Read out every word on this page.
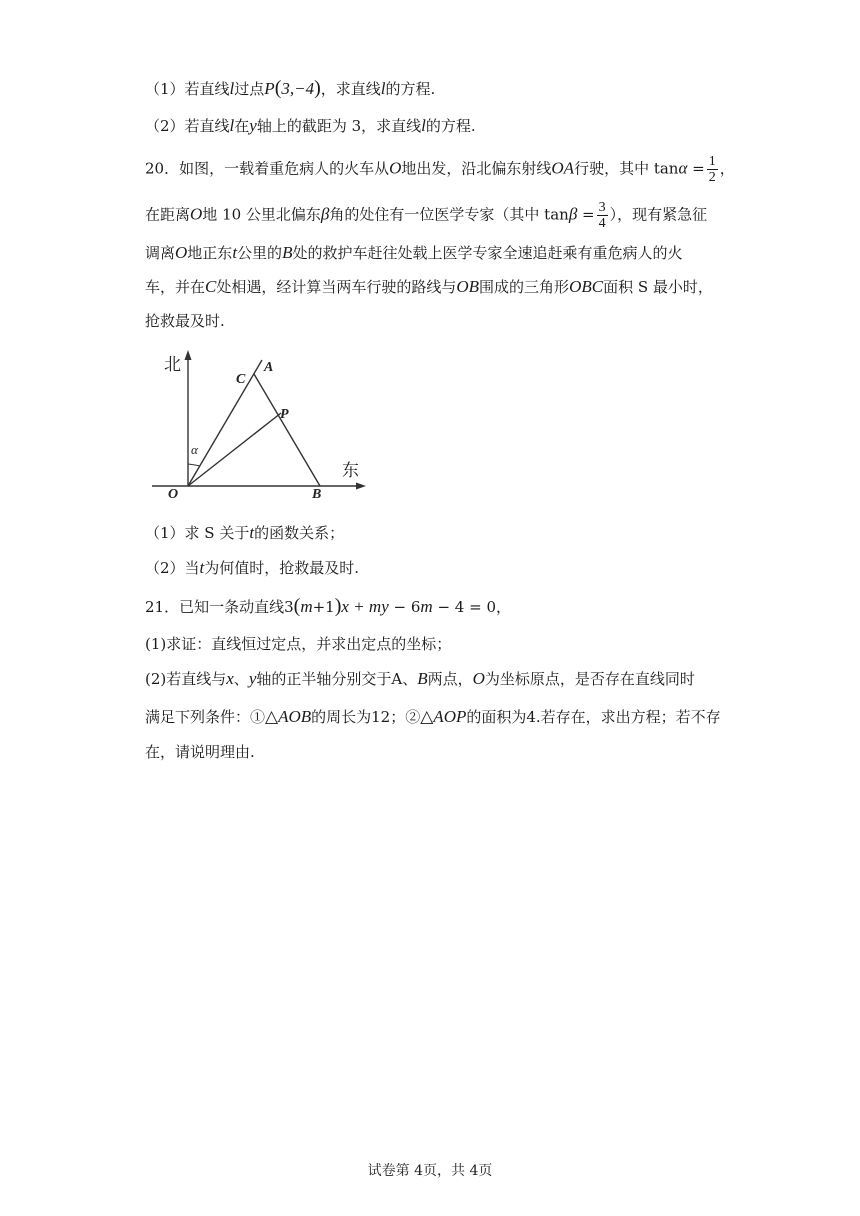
（1）若直线l过点P(3,−4)，求直线l的方程.
（2）若直线l在y轴上的截距为 3，求直线l的方程.
20．如图，一载着重危病人的火车从O地出发，沿北偏东射线OA行驶，其中 $\tan\alpha = \frac{1}{2}$ ，
在距离O地 10 公里北偏东β角的处住有一位医学专家（其中 $\tan\beta = \frac{3}{4}$ ），现有紧急征
调离O地正东t公里的B处的救护车赶往处载上医学专家全速追赶乘有重危病人的火
车，并在C处相遇，经计算当两车行驶的路线与OB围成的三角形OBC面积 S 最小时，
抢救最及时.
北
东
O
A
C
P
B
α
（1）求 S 关于t的函数关系；
（2）当t为何值时，抢救最及时.
21．已知一条动直线3(m+1)x + my − 6m − 4 = 0，
(1)求证：直线恒过定点，并求出定点的坐标；
(2)若直线与x、y轴的正半轴分别交于A、B两点，O为坐标原点，是否存在直线同时
满足下列条件：①△AOB的周长为12；②△AOP的面积为4.若存在，求出方程；若不存
在，请说明理由.
试卷第 4页，共 4页
